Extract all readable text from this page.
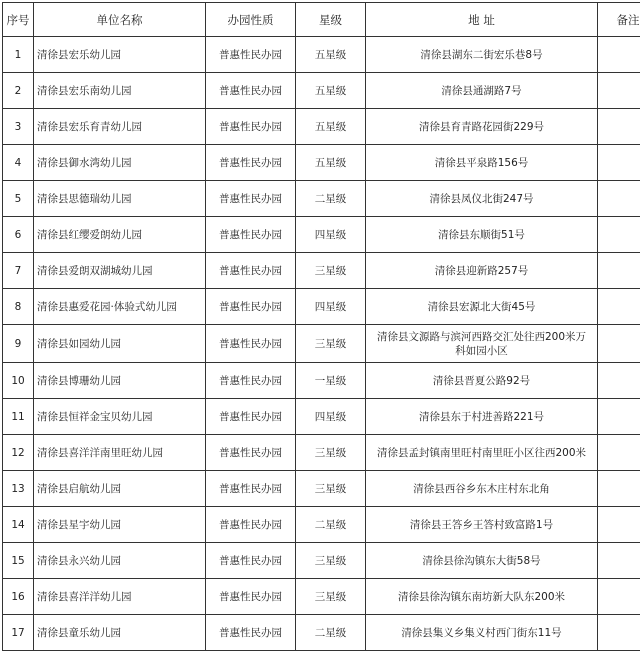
序号	单位名称	办园性质	星级	地 址	备注
1	清徐县宏乐幼儿园	普惠性民办园	五星级	清徐县湖东二街宏乐巷8号	
2	清徐县宏乐南幼儿园	普惠性民办园	五星级	清徐县通湖路7号	
3	清徐县宏乐育青幼儿园	普惠性民办园	五星级	清徐县育青路花园街229号	
4	清徐县御水湾幼儿园	普惠性民办园	五星级	清徐县平泉路156号	
5	清徐县思德瑞幼儿园	普惠性民办园	二星级	清徐县凤仪北街247号	
6	清徐县红缨爱朗幼儿园	普惠性民办园	四星级	清徐县东顺街51号	
7	清徐县爱朗双湖城幼儿园	普惠性民办园	三星级	清徐县迎新路257号	
8	清徐县惠爱花园·体验式幼儿园	普惠性民办园	四星级	清徐县宏源北大街45号	
9	清徐县如园幼儿园	普惠性民办园	三星级	清徐县文源路与滨河西路交汇处往西200米万科如园小区	
10	清徐县博珊幼儿园	普惠性民办园	一星级	清徐县晋夏公路92号	
11	清徐县恒祥金宝贝幼儿园	普惠性民办园	四星级	清徐县东于村进善路221号	
12	清徐县喜洋洋南里旺幼儿园	普惠性民办园	三星级	清徐县孟封镇南里旺村南里旺小区往西200米	
13	清徐县启航幼儿园	普惠性民办园	三星级	清徐县西谷乡东木庄村东北角	
14	清徐县星宇幼儿园	普惠性民办园	二星级	清徐县王答乡王答村致富路1号	
15	清徐县永兴幼儿园	普惠性民办园	三星级	清徐县徐沟镇东大街58号	
16	清徐县喜洋洋幼儿园	普惠性民办园	三星级	清徐县徐沟镇东南坊新大队东200米	
17	清徐县童乐幼儿园	普惠性民办园	二星级	清徐县集义乡集义村西门街东11号	
